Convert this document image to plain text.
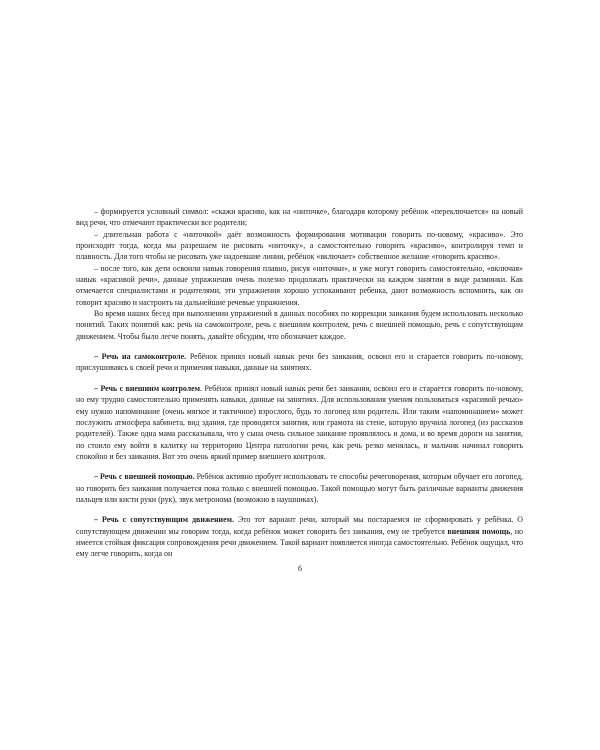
– формируется условный символ: «скажи красиво, как на «ниточке», благодаря которому ребёнок «переключается» на новый вид речи, что отмечают практически все родители;

– длительная работа с «ниточкой» даёт возможность формирования мотивации говорить по-новому, «красиво». Это происходит тогда, когда мы разрешаем не рисовать «ниточку», а самостоятельно говорить «красиво», контролируя темп и плавность. Для того чтобы не рисовать уже надоевшие линии, ребёнок «включает» собственное желание «говорить красиво».

– после того, как дети освоили навык говорения плавно, рисуя «ниточки», и уже могут говорить самостоятельно, «включая» навык «красивой речи», данные упражнения очень полезно продолжать практически на каждом занятии в виде разминки. Как отмечается специалистами и родителями, эти упражнения хорошо успокаивают ребенка, дают возможность вспомнить, как он говорит красиво и настроить на дальнейшие речевые упражнения.

Во время наших бесед при выполнении упражнений в данных пособиях по коррекции заикания будем использовать несколько понятий. Таких понятий как: речь на самоконтроле, речь с внешним контролем, речь с внешней помощью, речь с сопутствующим движением. Чтобы было легче понять, давайте обсудим, что обозначает каждое.

– Речь на самоконтроле. Ребёнок принял новый навык речи без заикания, освоил его и старается говорить по-новому, прислушиваясь к своей речи и применяя навыки, данные на занятиях.

– Речь с внешним контролем. Ребёнок принял новый навык речи без заикания, освоил его и старается говорить по-новому, но ему трудно самостоятельно применять навыки, данные на занятиях. Для использования умения пользоваться «красивой речью» ему нужно напоминание (очень мягкое и тактичное) взрослого, будь то логопед или родитель. Или таким «напоминанием» может послужить атмосфера кабинета, вид здания, где проводятся занятия, или грамота на стене, которую вручила логопед (из рассказов родителей). Также одна мама рассказывала, что у сына очень сильное заикание проявлялось и дома, и во время дороги на занятия, но стоило ему войти в калитку на территорию Центра патологии речи, как речь резко менялась, и мальчик начинал говорить спокойно и без заикания. Вот это очень яркий пример внешнего контроля.

– Речь с внешней помощью. Ребёнок активно пробует использовать те способы речеговорения, которым обучает его логопед, но говорить без заикания получается пока только с внешней помощью. Такой помощью могут быть различные варианты движения пальцев или кисти руки (рук), звук метронома (возможно в наушниках).

– Речь с сопутствующим движением. Это тот вариант речи, который мы постараемся не сформировать у ребёнка. О сопутствующем движении мы говорим тогда, когда ребёнок может говорить без заикания, ему не требуется внешняя помощь, но имеется стойкая фиксация сопровождения речи движением. Такой вариант появляется иногда самостоятельно. Ребёнок ощущал, что ему легче говорить, когда он

6
